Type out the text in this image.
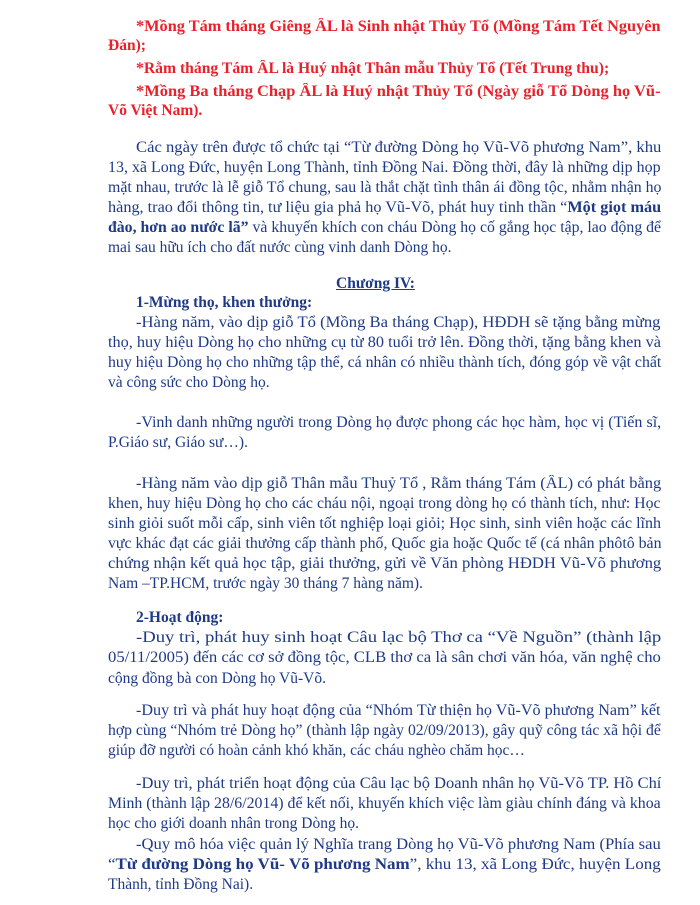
*Mồng Tám tháng Giêng ÂL là Sinh nhật Thủy Tổ (Mồng Tám Tết Nguyên
Đán);
*Rằm tháng Tám ÂL là Huý nhật Thân mẫu Thủy Tổ (Tết Trung thu);
*Mồng Ba tháng Chạp ÂL là Huý nhật Thủy Tổ (Ngày giỗ Tổ Dòng họ Vũ-
Võ Việt Nam).
Các ngày trên được tổ chức tại “Từ đường Dòng họ Vũ-Võ phương Nam”, khu
13, xã Long Đức, huyện Long Thành, tỉnh Đồng Nai. Đồng thời, đây là những dịp họp
mặt nhau, trước là lễ giỗ Tổ chung, sau là thắt chặt tình thân ái đồng tộc, nhằm nhận họ
hàng, trao đổi thông tin, tư liệu gia phả họ Vũ-Võ, phát huy tinh thần “Một giọt máu
đào, hơn ao nước lã” và khuyến khích con cháu Dòng họ cố gắng học tập, lao động để
mai sau hữu ích cho đất nước cùng vinh danh Dòng họ.
Chương IV:
1-Mừng thọ, khen thưởng:
-Hàng năm, vào dịp giỗ Tổ (Mồng Ba tháng Chạp), HĐDH sẽ tặng bằng mừng
thọ, huy hiệu Dòng họ cho những cụ từ 80 tuổi trở lên. Đồng thời, tặng bằng khen và
huy hiệu Dòng họ cho những tập thể, cá nhân có nhiều thành tích, đóng góp về vật chất
và công sức cho Dòng họ.
-Vinh danh những người trong Dòng họ được phong các học hàm, học vị (Tiến sĩ,
P.Giáo sư, Giáo sư…).
-Hàng năm vào dịp giỗ Thân mẫu Thuỷ Tổ , Rằm tháng Tám (ÂL) có phát bằng
khen, huy hiệu Dòng họ cho các cháu nội, ngoại trong dòng họ có thành tích, như: Học
sinh giỏi suốt mỗi cấp, sinh viên tốt nghiệp loại giỏi; Học sinh, sinh viên hoặc các lĩnh
vực khác đạt các giải thưởng cấp thành phố, Quốc gia hoặc Quốc tế (cá nhân phôtô bản
chứng nhận kết quả học tập, giải thưởng, gửi về Văn phòng HĐDH Vũ-Võ phương
Nam –TP.HCM, trước ngày 30 tháng 7 hàng năm).
2-Hoạt động:
-Duy trì, phát huy sinh hoạt Câu lạc bộ Thơ ca “Về Nguồn” (thành lập
05/11/2005) đến các cơ sở đồng tộc, CLB thơ ca là sân chơi văn hóa, văn nghệ cho
cộng đồng bà con Dòng họ Vũ-Võ.
-Duy trì và phát huy hoạt động của “Nhóm Từ thiện họ Vũ-Võ phương Nam” kết
hợp cùng “Nhóm trẻ Dòng họ” (thành lập ngày 02/09/2013), gây quỹ công tác xã hội để
giúp đỡ người có hoàn cảnh khó khăn, các cháu nghèo chăm học…
-Duy trì, phát triển hoạt động của Câu lạc bộ Doanh nhân họ Vũ-Võ TP. Hồ Chí
Minh (thành lập 28/6/2014) để kết nối, khuyến khích việc làm giàu chính đáng và khoa
học cho giới doanh nhân trong Dòng họ.
-Quy mô hóa việc quản lý Nghĩa trang Dòng họ Vũ-Võ phương Nam (Phía sau
“Từ đường Dòng họ Vũ- Võ phương Nam”, khu 13, xã Long Đức, huyện Long
Thành, tỉnh Đồng Nai).
